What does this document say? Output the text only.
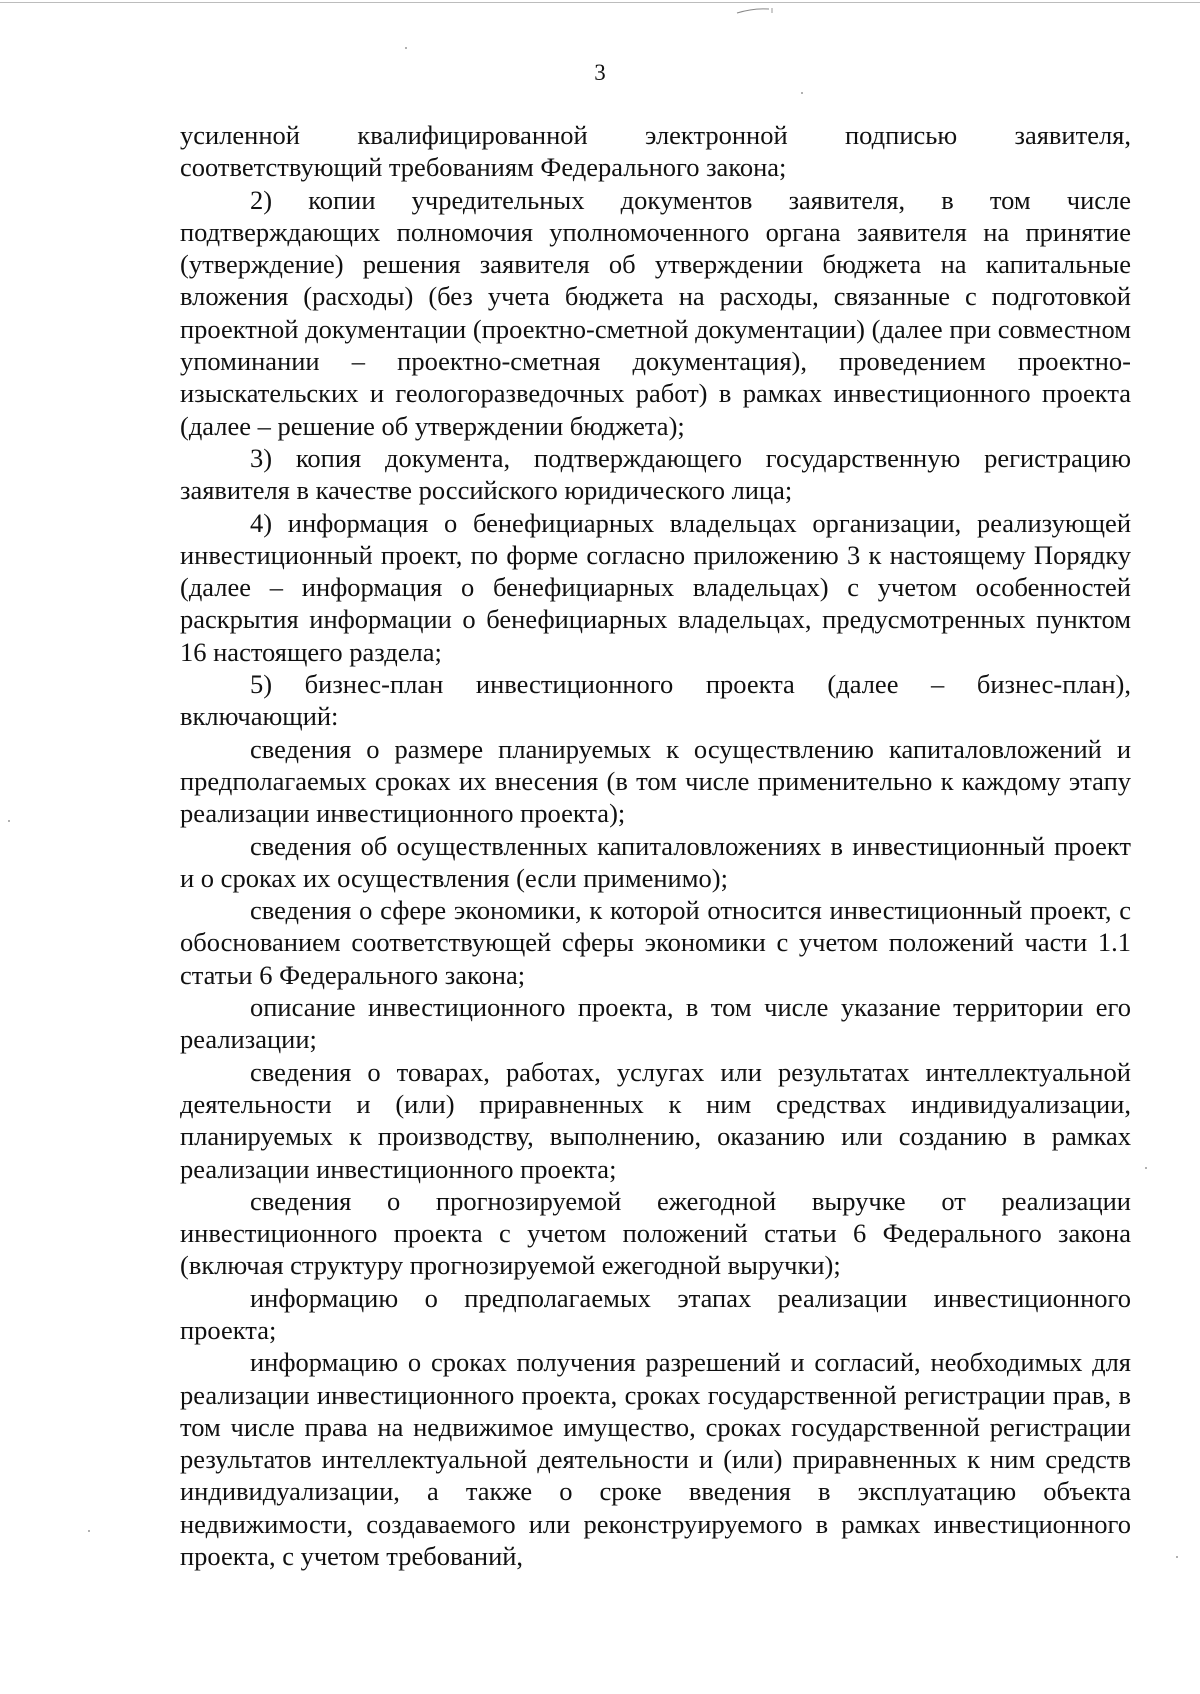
3

усиленной квалифицированной электронной подписью заявителя, соответствующий требованиям Федерального закона;

2) копии учредительных документов заявителя, в том числе подтверждающих полномочия уполномоченного органа заявителя на принятие (утверждение) решения заявителя об утверждении бюджета на капитальные вложения (расходы) (без учета бюджета на расходы, связанные с подготовкой проектной документации (проектно-сметной документации) (далее при совместном упоминании – проектно-сметная документация), проведением проектно-изыскательских и геологоразведочных работ) в рамках инвестиционного проекта (далее – решение об утверждении бюджета);

3) копия документа, подтверждающего государственную регистрацию заявителя в качестве российского юридического лица;

4) информация о бенефициарных владельцах организации, реализующей инвестиционный проект, по форме согласно приложению 3 к настоящему Порядку (далее – информация о бенефициарных владельцах) с учетом особенностей раскрытия информации о бенефициарных владельцах, предусмотренных пунктом 16 настоящего раздела;

5) бизнес-план инвестиционного проекта (далее – бизнес-план), включающий:

сведения о размере планируемых к осуществлению капиталовложений и предполагаемых сроках их внесения (в том числе применительно к каждому этапу реализации инвестиционного проекта);

сведения об осуществленных капиталовложениях в инвестиционный проект и о сроках их осуществления (если применимо);

сведения о сфере экономики, к которой относится инвестиционный проект, с обоснованием соответствующей сферы экономики с учетом положений части 1.1 статьи 6 Федерального закона;

описание инвестиционного проекта, в том числе указание территории его реализации;

сведения о товарах, работах, услугах или результатах интеллектуальной деятельности и (или) приравненных к ним средствах индивидуализации, планируемых к производству, выполнению, оказанию или созданию в рамках реализации инвестиционного проекта;

сведения о прогнозируемой ежегодной выручке от реализации инвестиционного проекта с учетом положений статьи 6 Федерального закона (включая структуру прогнозируемой ежегодной выручки);

информацию о предполагаемых этапах реализации инвестиционного проекта;

информацию о сроках получения разрешений и согласий, необходимых для реализации инвестиционного проекта, сроках государственной регистрации прав, в том числе права на недвижимое имущество, сроках государственной регистрации результатов интеллектуальной деятельности и (или) приравненных к ним средств индивидуализации, а также о сроке введения в эксплуатацию объекта недвижимости, создаваемого или реконструируемого в рамках инвестиционного проекта, с учетом требований,
